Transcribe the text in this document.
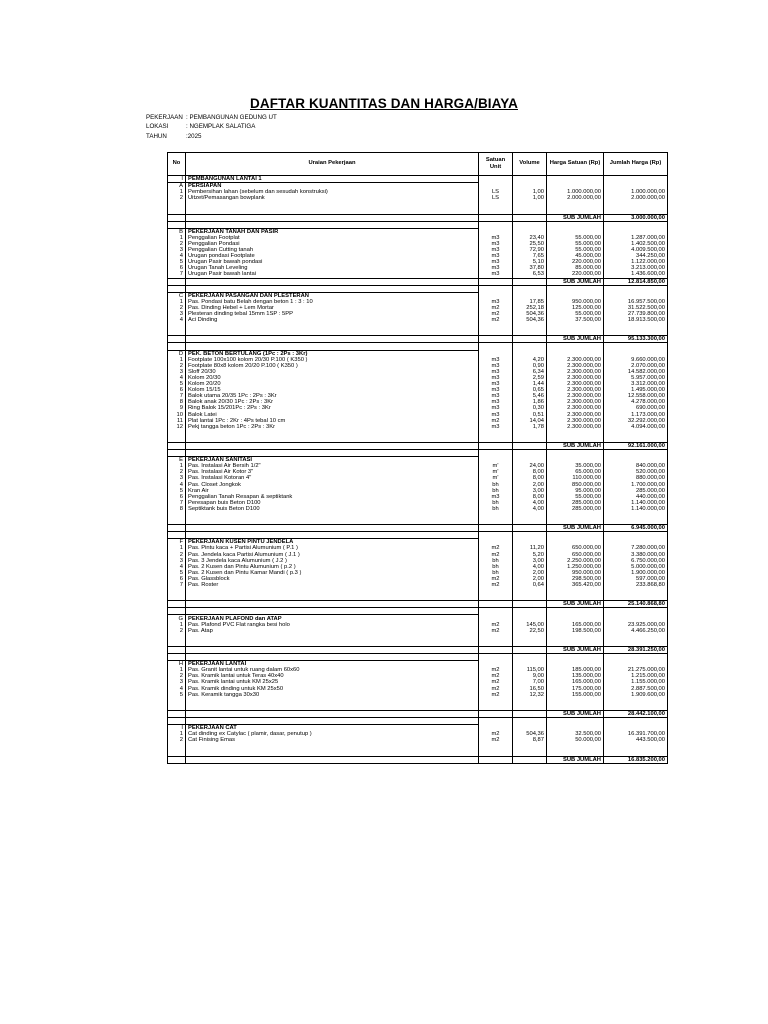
DAFTAR KUANTITAS DAN HARGA/BIAYA
PEKERJAAN : PEMBANGUNAN GEDUNG UT
LOKASI	: NGEMPLAK SALATIGA
TAHUN	:2025
No	Uraian Pekerjaan	Satuan Unit	Volume	Harga Satuan (Rp)	Jumlah Harga (Rp)
I	PEMBANGUNAN LANTAI 1				
A	PERSIAPAN				
1	Pembersihan lahan (sebelum dan sesudah konstruksi)	LS	1,00	1.000.000,00	1.000.000,00
2	Uitzet/Pemasangan bowplank	LS	1,00	2.000.000,00	2.000.000,00

				SUB JUMLAH	3.000.000,00

B	PEKERJAAN TANAH DAN PASIR				
1	Penggalian Footplat	m3	23,40	55.000,00	1.287.000,00
2	Penggalian Pondasi	m3	25,50	55.000,00	1.402.500,00
3	Penggalian Cutting tanah	m3	72,90	55.000,00	4.009.500,00
4	Urugan pondasi Footplate	m3	7,65	45.000,00	344.250,00
5	Urugan Pasir bawah pondasi	m3	5,10	220.000,00	1.122.000,00
6	Urugan Tanah Leveling	m3	37,80	85.000,00	3.213.000,00
7	Urugan Pasir bawah lantai	m3	6,53	220.000,00	1.436.600,00
				SUB JUMLAH	12.814.850,00

C	PEKERJAAN PASANGAN DAN PLESTERAN				
1	Pas. Pondasi batu Belah dengan beton 1 : 3 : 10	m3	17,85	950.000,00	16.957.500,00
2	Pas. Dinding Hebel + Lem Mortar	m2	252,18	125.000,00	31.522.500,00
3	Plesteran dinding tebal 15mm 1SP : 5PP	m2	504,36	55.000,00	27.739.800,00
4	Aci Dinding	m2	504,36	37.500,00	18.913.500,00

				SUB JUMLAH	95.133.300,00

D	PEK. BETON BERTULANG (1Pc : 2Ps : 3Kr)				
1	Footplate 100x100 kolom 20/30 P.100 ( K350 )	m3	4,20	2.300.000,00	9.660.000,00
2	Footplate 80x8 kolom 20/20 P.100 ( K350 )	m3	0,90	2.300.000,00	2.070.000,00
3	Sloff 20/30	m3	6,34	2.300.000,00	14.582.000,00
4	Kolom 20/30	m3	2,59	2.300.000,00	5.957.000,00
5	Kolom 20/20	m3	1,44	2.300.000,00	3.312.000,00
6	Kolom 15/15	m3	0,65	2.300.000,00	1.495.000,00
7	Balok utama 20/35 1Pc : 2Ps : 3Kr	m3	5,46	2.300.000,00	12.558.000,00
8	Balok anak 20/30 1Pc : 2Ps : 3Kr	m3	1,86	2.300.000,00	4.278.000,00
9	Ring Balok 15/201Pc : 2Ps : 3Kr	m3	0,30	2.300.000,00	690.000,00
10	Balok Latei	m3	0,51	2.300.000,00	1.173.000,00
11	Plat lantai 1Pc : 2Kr : 4Ps tebal 10 cm	m2	14,04	2.300.000,00	32.292.000,00
12	Pekj tangga beton 1Pc : 2Ps : 3Kr	m3	1,78	2.300.000,00	4.094.000,00

				SUB JUMLAH	92.161.000,00

E	PEKERJAAN SANITASI				
1	Pas. Instalasi Air Bersih 1/2"	m'	24,00	35.000,00	840.000,00
2	Pas. Instalasi Air Kotor 3"	m'	8,00	65.000,00	520.000,00
3	Pas. Instalasi Kotoran 4"	m'	8,00	110.000,00	880.000,00
4	Pas. Closet Jongkok	bh	2,00	850.000,00	1.700.000,00
5	Kran Air	bh	3,00	95.000,00	285.000,00
6	Penggalian Tanah Resapan & septiktank	m3	8,00	55.000,00	440.000,00
7	Peresapan buis Beton D100	bh	4,00	285.000,00	1.140.000,00
8	Septiktank buis Beton D100	bh	4,00	285.000,00	1.140.000,00

				SUB JUMLAH	6.945.000,00

F	PEKERJAAN KUSEN PINTU JENDELA				
1	Pas. Pintu kaca + Partisi Alumunium ( P.1 )	m2	11,20	650.000,00	7.280.000,00
2	Pas. Jendela kaca Partisi Alumunium ( J.1 )	m2	5,20	650.000,00	3.380.000,00
3	Pas. 3 Jendela kaca Alumunium ( J.2 )	bh	3,00	2.250.000,00	6.750.000,00
4	Pas. 2 Kusen dan Pintu Alumunium ( p.2 )	bh	4,00	1.250.000,00	5.000.000,00
5	Pas. 2 Kusen dan Pintu Kamar Mandi ( p.3 )	bh	2,00	950.000,00	1.900.000,00
6	Pas. Glassblock	m2	2,00	298.500,00	597.000,00
7	Pas. Roster	m2	0,64	365.420,00	233.868,80

				SUB JUMLAH	25.140.868,80

G	PEKERJAAN PLAFOND dan ATAP				
1	Pas. Plafond PVC Flat rangka besi holo	m2	145,00	165.000,00	23.925.000,00
2	Pas. Atap	m2	22,50	198.500,00	4.466.250,00

				SUB JUMLAH	28.391.250,00

H	PEKERJAAN LANTAI				
1	Pas. Granit lantai untuk ruang dalam 60x60	m2	115,00	185.000,00	21.275.000,00
2	Pas. Kramik lantai untuk Teras 40x40	m2	9,00	135.000,00	1.215.000,00
3	Pas. Kramik lantai untuk KM 25x25	m2	7,00	165.000,00	1.155.000,00
4	Pas. Kramik dinding untuk KM 25x50	m2	16,50	175.000,00	2.887.500,00
5	Pas. Keramik tangga 30x30	m2	12,32	155.000,00	1.909.600,00

				SUB JUMLAH	28.442.100,00

I	PEKERJAAN CAT				
1	Cat dinding ex Catylac ( plamir, dasar, penutup )	m2	504,36	32.500,00	16.391.700,00
2	Cat Finising Emas	m2	8,87	50.000,00	443.500,00

				SUB JUMLAH	16.835.200,00
